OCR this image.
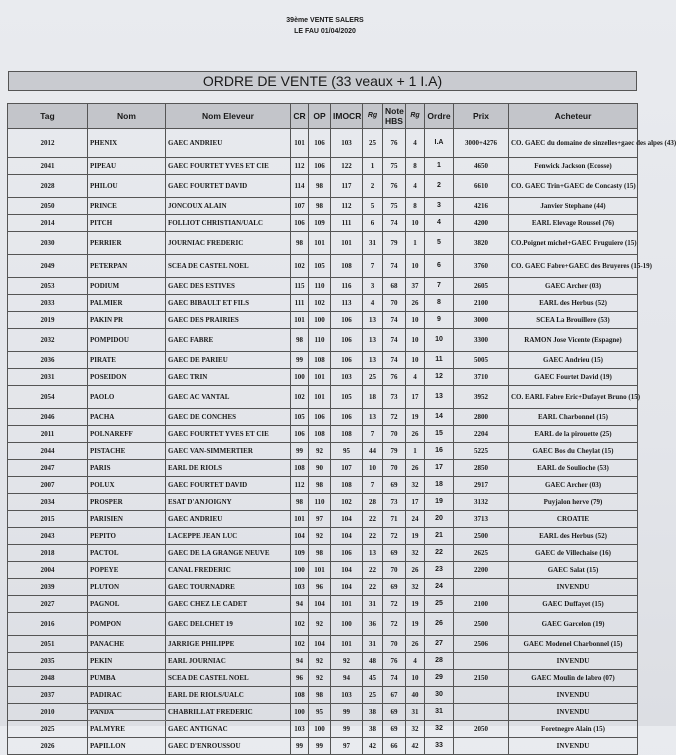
39ème VENTE SALERS
LE FAU 01/04/2020
ORDRE DE VENTE (33 veaux + 1 I.A)
Tag	Nom	Nom Eleveur	CR	OP	IMOCR	Rg	Note HBS	Rg	Ordre	Prix	Acheteur
2012	PHENIX	GAEC ANDRIEU	101	106	103	25	76	4	I.A	3000+4276	CO. GAEC du domaine de sinzelles+gaec des alpes (43)
2041	PIPEAU	GAEC FOURTET YVES ET CIE	112	106	122	1	75	8	1	4650	Fenwick Jackson (Ecosse)
2028	PHILOU	GAEC FOURTET DAVID	114	98	117	2	76	4	2	6610	CO. GAEC Trin+GAEC de Concasty (15)
2050	PRINCE	JONCOUX ALAIN	107	98	112	5	75	8	3	4216	Janvier Stephane (44)
2014	PITCH	FOLLIOT CHRISTIAN/UALC	106	109	111	6	74	10	4	4200	EARL Elevage Roussel (76)
2030	PERRIER	JOURNIAC FREDERIC	98	101	101	31	79	1	5	3820	CO.Poignet michel+GAEC Fruguiere (15)
2049	PETERPAN	SCEA DE CASTEL NOEL	102	105	108	7	74	10	6	3760	CO. GAEC Fabre+GAEC des Bruyeres (15-19)
2053	PODIUM	GAEC DES ESTIVES	115	110	116	3	68	37	7	2605	GAEC Archer (03)
2033	PALMIER	GAEC BIBAULT ET FILS	111	102	113	4	70	26	8	2100	EARL des Herbus (52)
2019	PAKIN PR	GAEC DES PRAIRIES	101	100	106	13	74	10	9	3000	SCEA La Brouillere (53)
2032	POMPIDOU	GAEC FABRE	98	110	106	13	74	10	10	3300	RAMON Jose Vicente (Espagne)
2036	PIRATE	GAEC DE PARIEU	99	108	106	13	74	10	11	5005	GAEC Andrieu (15)
2031	POSEIDON	GAEC TRIN	100	101	103	25	76	4	12	3710	GAEC Fourtet David (19)
2054	PAOLO	GAEC AC VANTAL	102	101	105	18	73	17	13	3952	CO. EARL Fabre Eric+Dufayet Bruno (15)
2046	PACHA	GAEC DE CONCHES	105	106	106	13	72	19	14	2800	EARL Charbonnel (15)
2011	POLNAREFF	GAEC FOURTET YVES ET CIE	106	108	108	7	70	26	15	2204	EARL de la pirouette (25)
2044	PISTACHE	GAEC VAN-SIMMERTIER	99	92	95	44	79	1	16	5225	GAEC Bos du Cheylat (15)
2047	PARIS	EARL DE RIOLS	108	90	107	10	70	26	17	2850	EARL de Soulioche (53)
2007	POLUX	GAEC FOURTET DAVID	112	98	108	7	69	32	18	2917	GAEC Archer (03)
2034	PROSPER	ESAT D'ANJOIGNY	98	110	102	28	73	17	19	3132	Puyjalon herve (79)
2015	PARISIEN	GAEC ANDRIEU	101	97	104	22	71	24	20	3713	CROATIE
2043	PEPITO	LACEPPE JEAN LUC	104	92	104	22	72	19	21	2500	EARL des Herbus (52)
2018	PACTOL	GAEC DE LA GRANGE NEUVE	109	98	106	13	69	32	22	2625	GAEC de Villechaise (16)
2004	POPEYE	CANAL FREDERIC	100	101	104	22	70	26	23	2200	GAEC Salat (15)
2039	PLUTON	GAEC TOURNADRE	103	96	104	22	69	32	24		INVENDU
2027	PAGNOL	GAEC CHEZ LE CADET	94	104	101	31	72	19	25	2100	GAEC Duffayet (15)
2016	POMPON	GAEC DELCHET 19	102	92	100	36	72	19	26	2500	GAEC Garcelon (19)
2051	PANACHE	JARRIGE PHILIPPE	102	104	101	31	70	26	27	2506	GAEC Modenel Charbonnel (15)
2035	PEKIN	EARL JOURNIAC	94	92	92	48	76	4	28		INVENDU
2048	PUMBA	SCEA DE CASTEL NOEL	96	92	94	45	74	10	29	2150	GAEC Moulin de labro (07)
2037	PADIRAC	EARL DE RIOLS/UALC	108	98	103	25	67	40	30		INVENDU
2010	PANDA	CHABRILLAT FREDERIC	100	95	99	38	69	31	31		INVENDU
2025	PALMYRE	GAEC ANTIGNAC	103	100	99	38	69	32	32	2050	Foretnegre Alain (15)
2026	PAPILLON	GAEC D'ENROUSSOU	99	99	97	42	66	42	33		INVENDU
